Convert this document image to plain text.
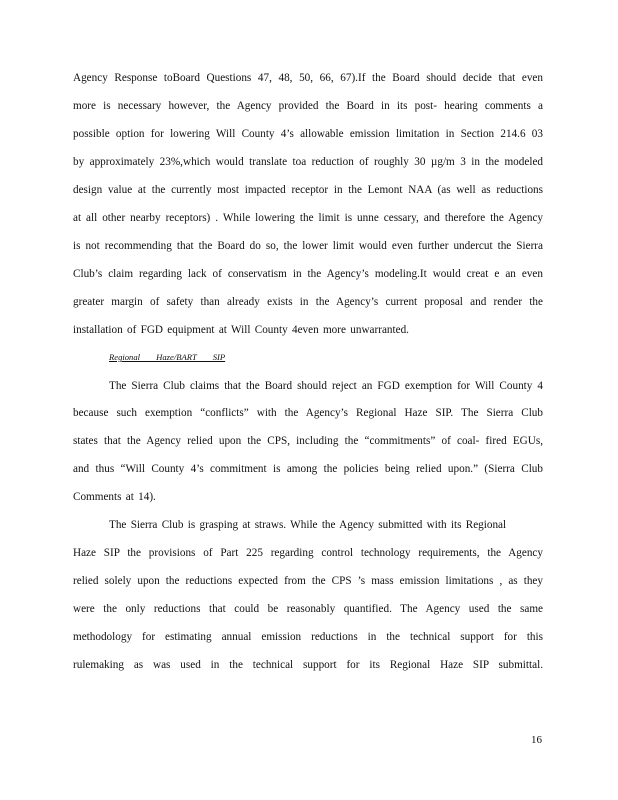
Agency Response toBoard Questions 47, 48, 50, 66, 67).If the Board should decide that even
more is necessary however, the Agency provided the Board in its post- hearing comments a
possible option for lowering Will County 4’s allowable emission limitation in Section 214.6 03
by approximately 23%,which would translate toa reduction of roughly 30 µg/m 3 in the modeled
design value at the currently most impacted receptor in the Lemont NAA (as well as reductions
at all other nearby receptors) . While lowering the limit is unne cessary, and therefore the Agency
is not recommending that the Board do so, the lower limit would even further undercut the Sierra
Club’s claim regarding lack of conservatism in the Agency’s modeling.It would creat e an even
greater margin of safety than already exists in the Agency’s current proposal and render the
installation of FGD equipment at Will County 4even more unwarranted.
Regional Haze/BART SIP
The Sierra Club claims that the Board should reject an FGD exemption for Will County 4
because such exemption “conflicts” with the Agency’s Regional Haze SIP. The Sierra Club
states that the Agency relied upon the CPS, including the “commitments” of coal- fired EGUs,
and thus “Will County 4’s commitment is among the policies being relied upon.” (Sierra Club
Comments at 14).
The Sierra Club is grasping at straws. While the Agency submitted with its Regional
Haze SIP the provisions of Part 225 regarding control technology requirements, the Agency
relied solely upon the reductions expected from the CPS ’s mass emission limitations , as they
were the only reductions that could be reasonably quantified. The Agency used the same
methodology for estimating annual emission reductions in the technical support for this
rulemaking as was used in the technical support for its Regional Haze SIP submittal.
16
